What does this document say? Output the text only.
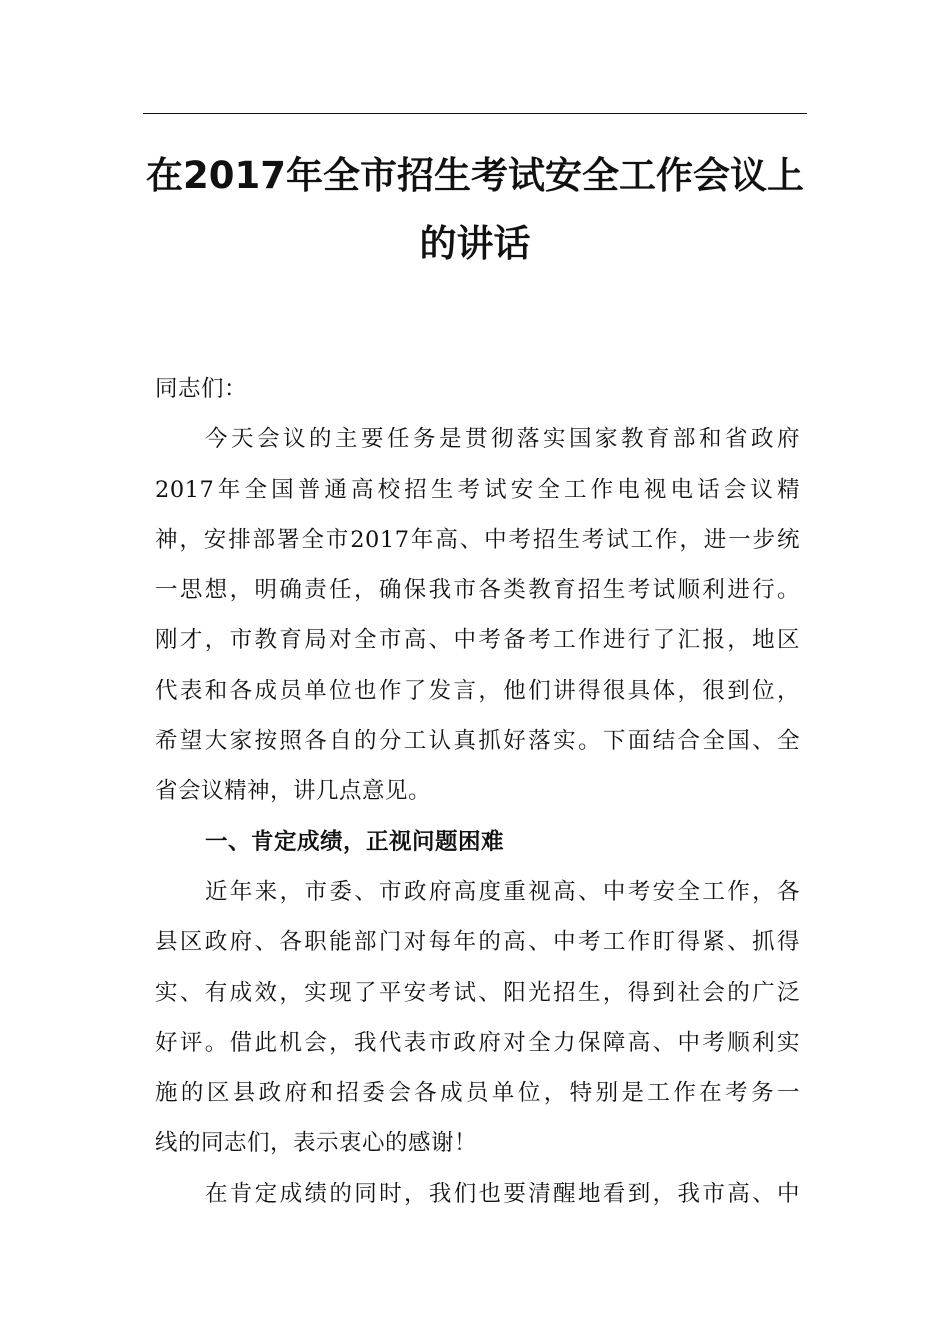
在2017年全市招生考试安全工作会议上
的讲话
同志们：
今天会议的主要任务是贯彻落实国家教育部和省政府
2017年全国普通高校招生考试安全工作电视电话会议精
神，安排部署全市2017年高、中考招生考试工作，进一步统
一思想，明确责任，确保我市各类教育招生考试顺利进行。
刚才，市教育局对全市高、中考备考工作进行了汇报，地区
代表和各成员单位也作了发言，他们讲得很具体，很到位，
希望大家按照各自的分工认真抓好落实。下面结合全国、全
省会议精神，讲几点意见。
一、肯定成绩，正视问题困难
近年来，市委、市政府高度重视高、中考安全工作，各
县区政府、各职能部门对每年的高、中考工作盯得紧、抓得
实、有成效，实现了平安考试、阳光招生，得到社会的广泛
好评。借此机会，我代表市政府对全力保障高、中考顺利实
施的区县政府和招委会各成员单位，特别是工作在考务一
线的同志们，表示衷心的感谢！
在肯定成绩的同时，我们也要清醒地看到，我市高、中
